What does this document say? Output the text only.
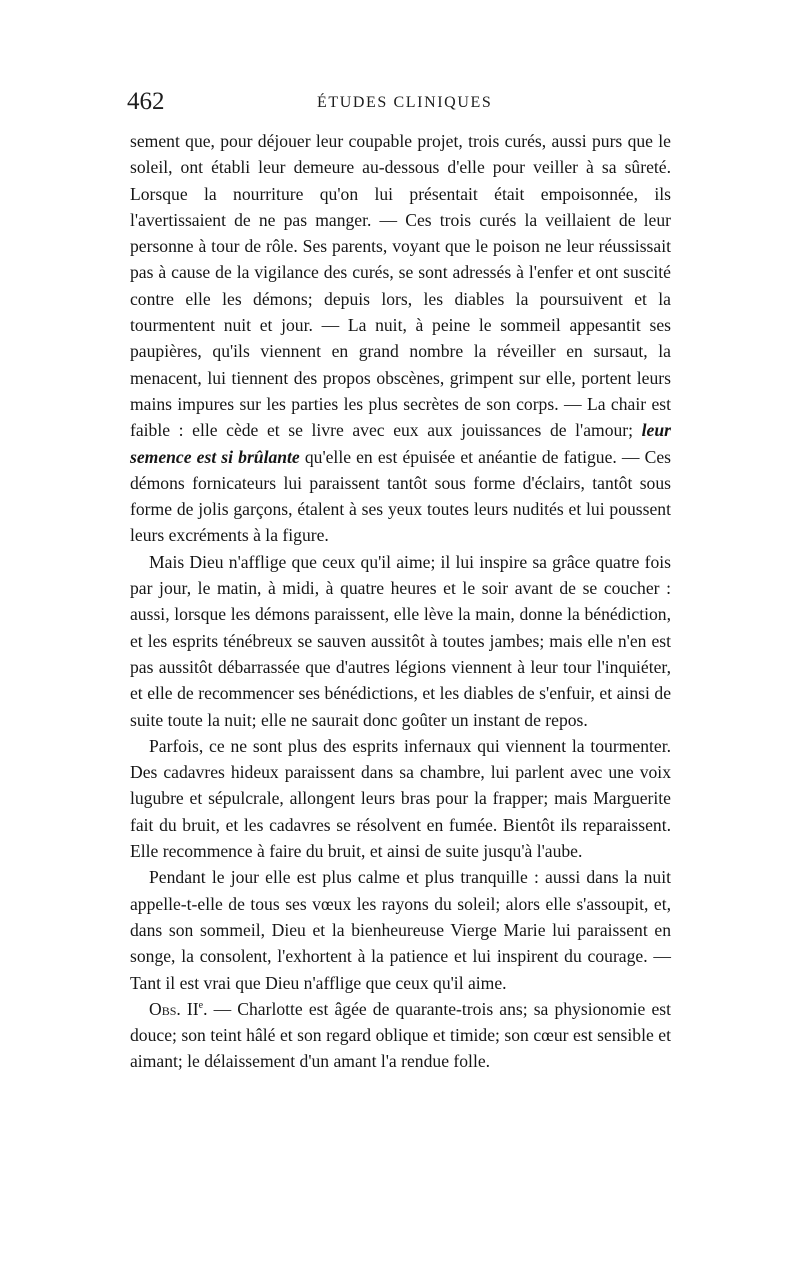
462	ÉTUDES CLINIQUES

sement que, pour déjouer leur coupable projet, trois curés, aussi purs que le soleil, ont établi leur demeure au-dessous d'elle pour veiller à sa sûreté. Lorsque la nourriture qu'on lui présentait était empoisonnée, ils l'avertissaient de ne pas manger. — Ces trois curés la veillaient de leur personne à tour de rôle. Ses parents, voyant que le poison ne leur réussissait pas à cause de la vigilance des curés, se sont adressés à l'enfer et ont suscité contre elle les démons; depuis lors, les diables la poursuivent et la tourmentent nuit et jour. — La nuit, à peine le sommeil appesantit ses paupières, qu'ils viennent en grand nombre la réveiller en sursaut, la menacent, lui tiennent des propos obscènes, grimpent sur elle, portent leurs mains impures sur les parties les plus secrètes de son corps. — La chair est faible : elle cède et se livre avec eux aux jouissances de l'amour; leur semence est si brûlante qu'elle en est épuisée et anéantie de fatigue. — Ces démons fornicateurs lui paraissent tantôt sous forme d'éclairs, tantôt sous forme de jolis garçons, étalent à ses yeux toutes leurs nudités et lui poussent leurs excréments à la figure.

Mais Dieu n'afflige que ceux qu'il aime; il lui inspire sa grâce quatre fois par jour, le matin, à midi, à quatre heures et le soir avant de se coucher : aussi, lorsque les démons paraissent, elle lève la main, donne la bénédiction, et les esprits ténébreux se sauven aussitôt à toutes jambes; mais elle n'en est pas aussitôt débarrassée que d'autres légions viennent à leur tour l'inquiéter, et elle de recommencer ses bénédictions, et les diables de s'enfuir, et ainsi de suite toute la nuit; elle ne saurait donc goûter un instant de repos.

Parfois, ce ne sont plus des esprits infernaux qui viennent la tourmenter. Des cadavres hideux paraissent dans sa chambre, lui parlent avec une voix lugubre et sépulcrale, allongent leurs bras pour la frapper; mais Marguerite fait du bruit, et les cadavres se résolvent en fumée. Bientôt ils reparaissent. Elle recommence à faire du bruit, et ainsi de suite jusqu'à l'aube.

Pendant le jour elle est plus calme et plus tranquille : aussi dans la nuit appelle-t-elle de tous ses vœux les rayons du soleil; alors elle s'assoupit, et, dans son sommeil, Dieu et la bienheureuse Vierge Marie lui paraissent en songe, la consolent, l'exhortent à la patience et lui inspirent du courage. — Tant il est vrai que Dieu n'afflige que ceux qu'il aime.

Obs. IIe. — Charlotte est âgée de quarante-trois ans; sa physionomie est douce; son teint hâlé et son regard oblique et timide; son cœur est sensible et aimant; le délaissement d'un amant l'a rendue folle.
